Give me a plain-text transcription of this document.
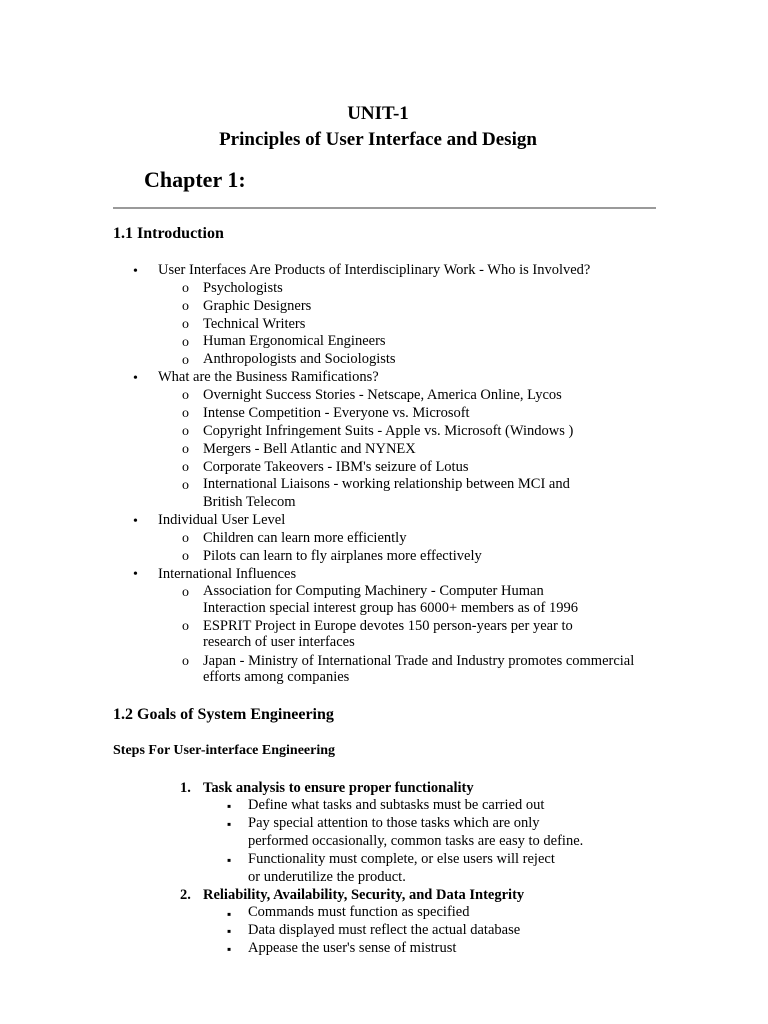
UNIT-1
Principles of User Interface and Design
Chapter 1:
1.1 Introduction
• User Interfaces Are Products of Interdisciplinary Work - Who is Involved?
o Psychologists
o Graphic Designers
o Technical Writers
o Human Ergonomical Engineers
o Anthropologists and Sociologists
• What are the Business Ramifications?
o Overnight Success Stories - Netscape, America Online, Lycos
o Intense Competition - Everyone vs. Microsoft
o Copyright Infringement Suits - Apple vs. Microsoft (Windows )
o Mergers - Bell Atlantic and NYNEX
o Corporate Takeovers - IBM's seizure of Lotus
o International Liaisons - working relationship between MCI and
British Telecom
• Individual User Level
o Children can learn more efficiently
o Pilots can learn to fly airplanes more effectively
• International Influences
o Association for Computing Machinery - Computer Human
Interaction special interest group has 6000+ members as of 1996
o ESPRIT Project in Europe devotes 150 person-years per year to
research of user interfaces
o Japan - Ministry of International Trade and Industry promotes commercial
efforts among companies
1.2 Goals of System Engineering
Steps For User-interface Engineering
1. Task analysis to ensure proper functionality
▪ Define what tasks and subtasks must be carried out
▪ Pay special attention to those tasks which are only
performed occasionally, common tasks are easy to define.
▪ Functionality must complete, or else users will reject
or underutilize the product.
2. Reliability, Availability, Security, and Data Integrity
▪ Commands must function as specified
▪ Data displayed must reflect the actual database
▪ Appease the user's sense of mistrust
